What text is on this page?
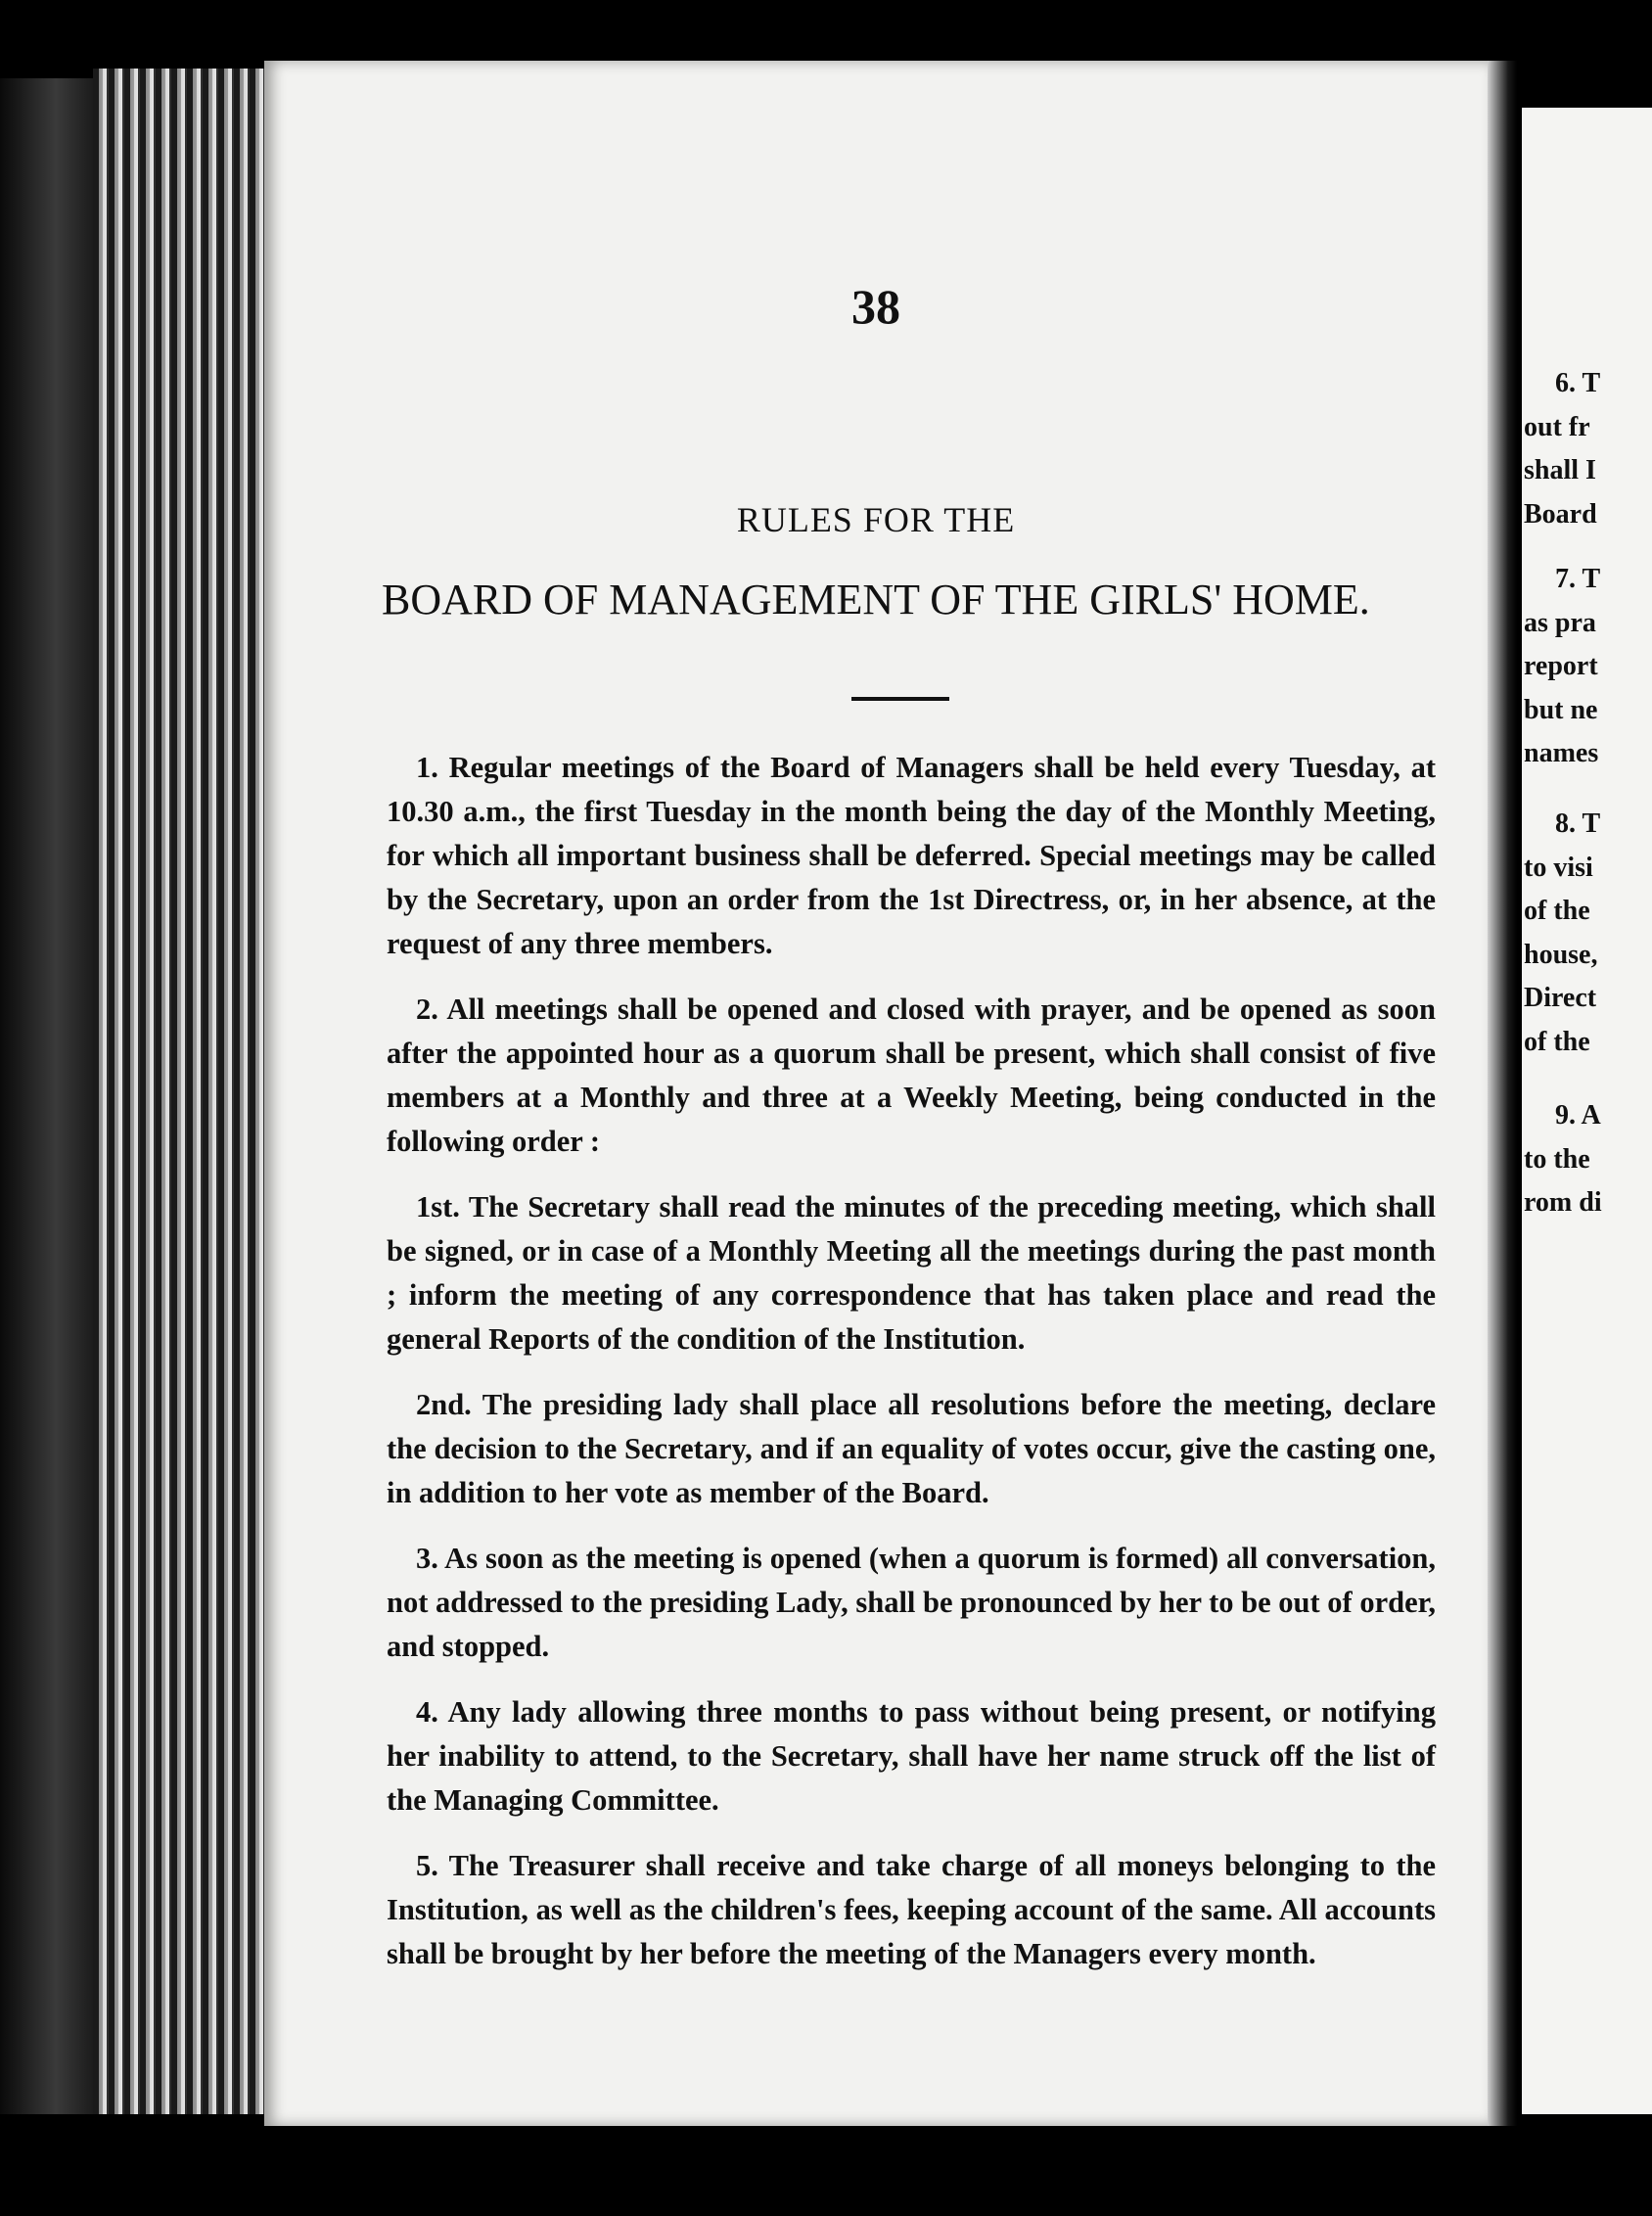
38
RULES FOR THE
BOARD OF MANAGEMENT OF THE GIRLS' HOME.

1. Regular meetings of the Board of Managers shall be held every Tuesday, at 10.30 a.m., the first Tuesday in the month being the day of the Monthly Meeting, for which all important business shall be deferred. Special meetings may be called by the Secretary, upon an order from the 1st Directress, or, in her absence, at the request of any three members.

2. All meetings shall be opened and closed with prayer, and be opened as soon after the appointed hour as a quorum shall be present, which shall consist of five members at a Monthly and three at a Weekly Meeting, being conducted in the following order :

1st. The Secretary shall read the minutes of the preceding meeting, which shall be signed, or in case of a Monthly Meeting all the meetings during the past month ; inform the meeting of any correspondence that has taken place and read the general Reports of the condition of the Institution.

2nd. The presiding lady shall place all resolutions before the meeting, declare the decision to the Secretary, and if an equality of votes occur, give the casting one, in addition to her vote as member of the Board.

3. As soon as the meeting is opened (when a quorum is formed) all conversation, not addressed to the presiding Lady, shall be pronounced by her to be out of order, and stopped.

4. Any lady allowing three months to pass without being present, or notifying her inability to attend, to the Secretary, shall have her name struck off the list of the Managing Committee.

5. The Treasurer shall receive and take charge of all moneys belonging to the Institution, as well as the children's fees, keeping account of the same. All accounts shall be brought by her before the meeting of the Managers every month.

6. T
out fr
shall I
Board
7. T
as pra
report
but ne
names
8. T
to visi
of the
house,
Direct
of the
9. A
to the
rom di
